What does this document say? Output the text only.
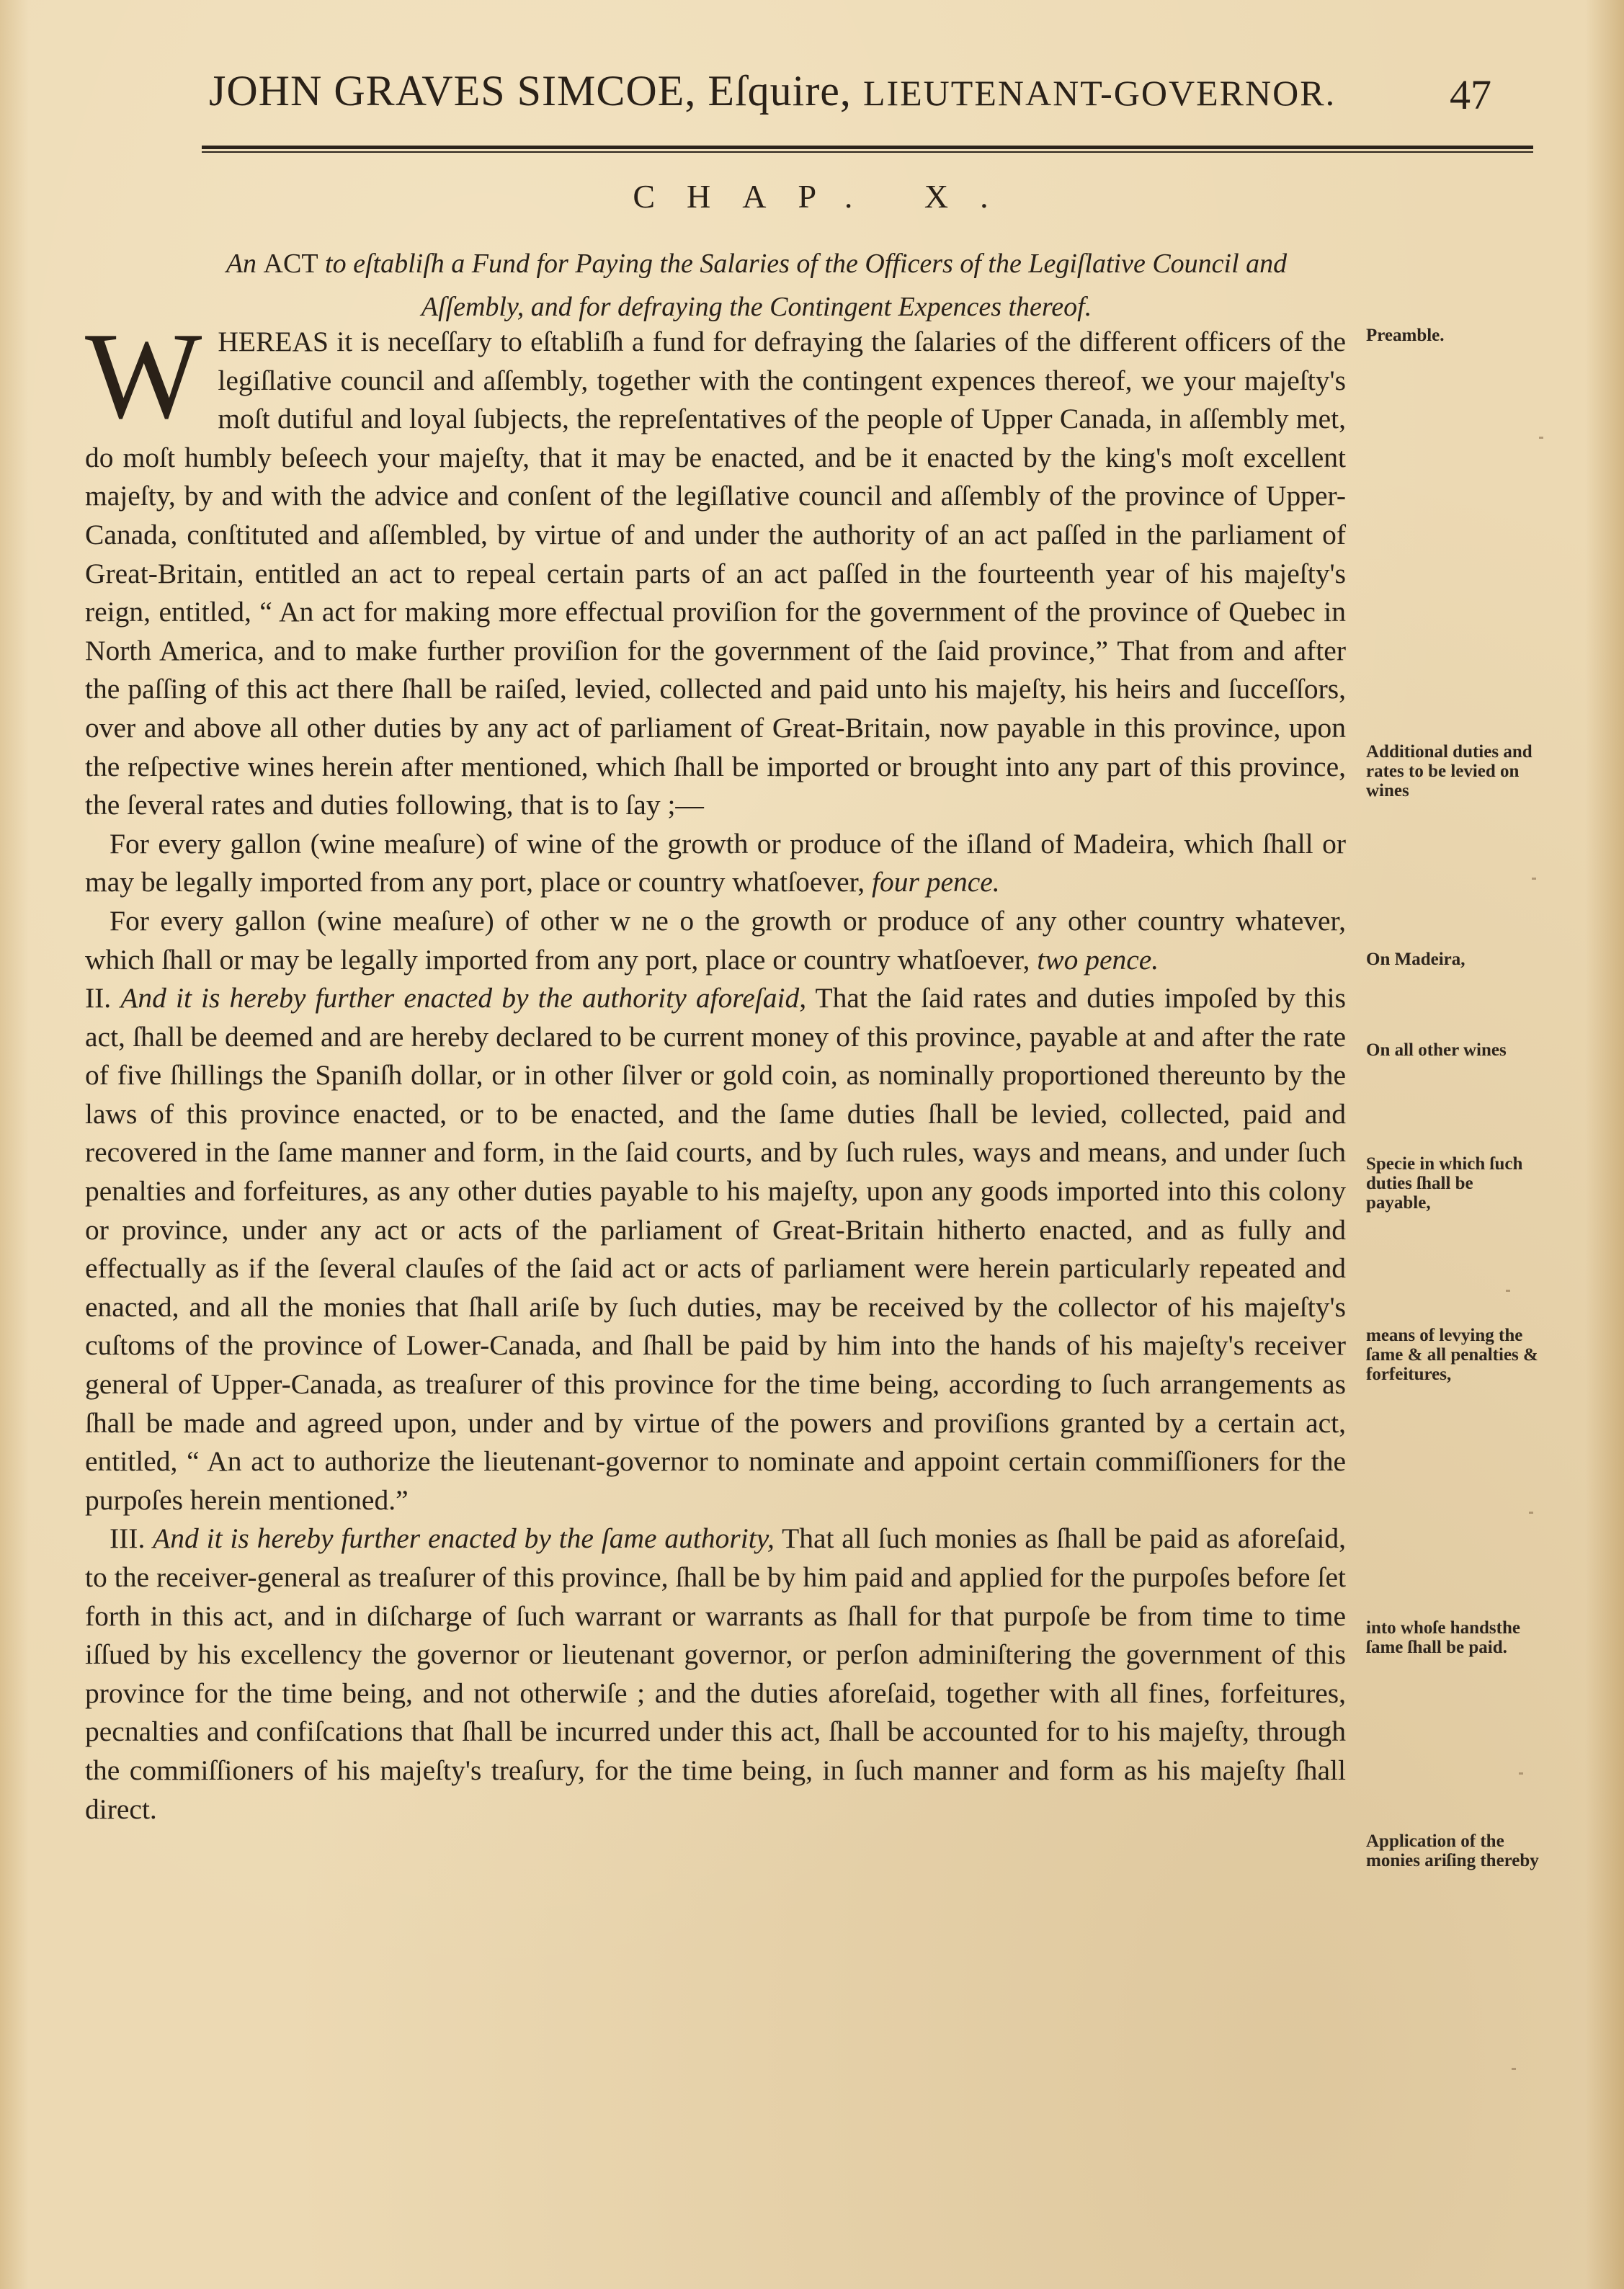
JOHN GRAVES SIMCOE, Eſquire, LIEUTENANT-GOVERNOR.	47
CHAP. X.
An ACT to eſtabliſh a Fund for Paying the Salaries of the Officers of the Legiſlative Council and
Aſſembly, and for defraying the Contingent Expences thereof.

WHEREAS it is neceſſary to eſtabliſh a fund for defraying the ſalaries of the different officers of the legiſlative council and aſſembly, together with the contingent expences thereof, we your majeſty's moſt dutiful and loyal ſubjects, the repreſentatives of the people of Upper Canada, in aſſembly met, do moſt humbly beſeech your majeſty, that it may be enacted, and be it enacted by the king's moſt excellent majeſty, by and with the advice and conſent of the legiſlative council and aſſembly of the province of Upper-Canada, conſtituted and aſſembled, by virtue of and under the authority of an act paſſed in the parliament of Great-Britain, entitled an act to repeal certain parts of an act paſſed in the fourteenth year of his majeſty's reign, entitled, “ An act for making more effectual proviſion for the government of the province of Quebec in North America, and to make further proviſion for the government of the ſaid province,” That from and after the paſſing of this act there ſhall be raiſed, levied, collected and paid unto his majeſty, his heirs and ſucceſſors, over and above all other duties by any act of parliament of Great-Britain, now payable in this province, upon the reſpective wines herein after mentioned, which ſhall be imported or brought into any part of this province, the ſeveral rates and duties following, that is to ſay ;—

For every gallon (wine meaſure) of wine of the growth or produce of the iſland of Madeira, which ſhall or may be legally imported from any port, place or country whatſoever, four pence.

For every gallon (wine meaſure) of other w ne o the growth or produce of any other country whatever, which ſhall or may be legally imported from any port, place or country whatſoever, two pence.

II. And it is hereby further enacted by the authority aforeſaid, That the ſaid rates and duties impoſed by this act, ſhall be deemed and are hereby declared to be current money of this province, payable at and after the rate of five ſhillings the Spaniſh dollar, or in other ſilver or gold coin, as nominally proportioned thereunto by the laws of this province enacted, or to be enacted, and the ſame duties ſhall be levied, collected, paid and recovered in the ſame manner and form, in the ſaid courts, and by ſuch rules, ways and means, and under ſuch penalties and forfeitures, as any other duties payable to his majeſty, upon any goods imported into this colony or province, under any act or acts of the parliament of Great-Britain hitherto enacted, and as fully and effectually as if the ſeveral clauſes of the ſaid act or acts of parliament were herein particularly repeated and enacted, and all the monies that ſhall ariſe by ſuch duties, may be received by the collector of his majeſty's cuſtoms of the province of Lower-Canada, and ſhall be paid by him into the hands of his majeſty's receiver general of Upper-Canada, as treaſurer of this province for the time being, according to ſuch arrangements as ſhall be made and agreed upon, under and by virtue of the powers and proviſions granted by a certain act, entitled, “ An act to authorize the lieutenant-governor to nominate and appoint certain commiſſioners for the purpoſes herein mentioned.”

III. And it is hereby further enacted by the ſame authority, That all ſuch monies as ſhall be paid as aforeſaid, to the receiver-general as treaſurer of this province, ſhall be by him paid and applied for the purpoſes before ſet forth in this act, and in diſcharge of ſuch warrant or warrants as ſhall for that purpoſe be from time to time iſſued by his excellency the governor or lieutenant governor, or perſon adminiſtering the government of this province for the time being, and not otherwiſe ; and the duties aforeſaid, together with all fines, forfeitures, pecnalties and confiſcations that ſhall be incurred under this act, ſhall be accounted for to his majeſty, through the commiſſioners of his majeſty's treaſury, for the time being, in ſuch manner and form as his majeſty ſhall direct.

Preamble.
Additional duties and rates to be levied on wines
On Madeira,
On all other wines
Specie in which ſuch duties ſhall be payable,
means of levying the ſame & all penalties & forfeitures,
into whoſe handsthe ſame ſhall be paid.
Application of the monies ariſing thereby
